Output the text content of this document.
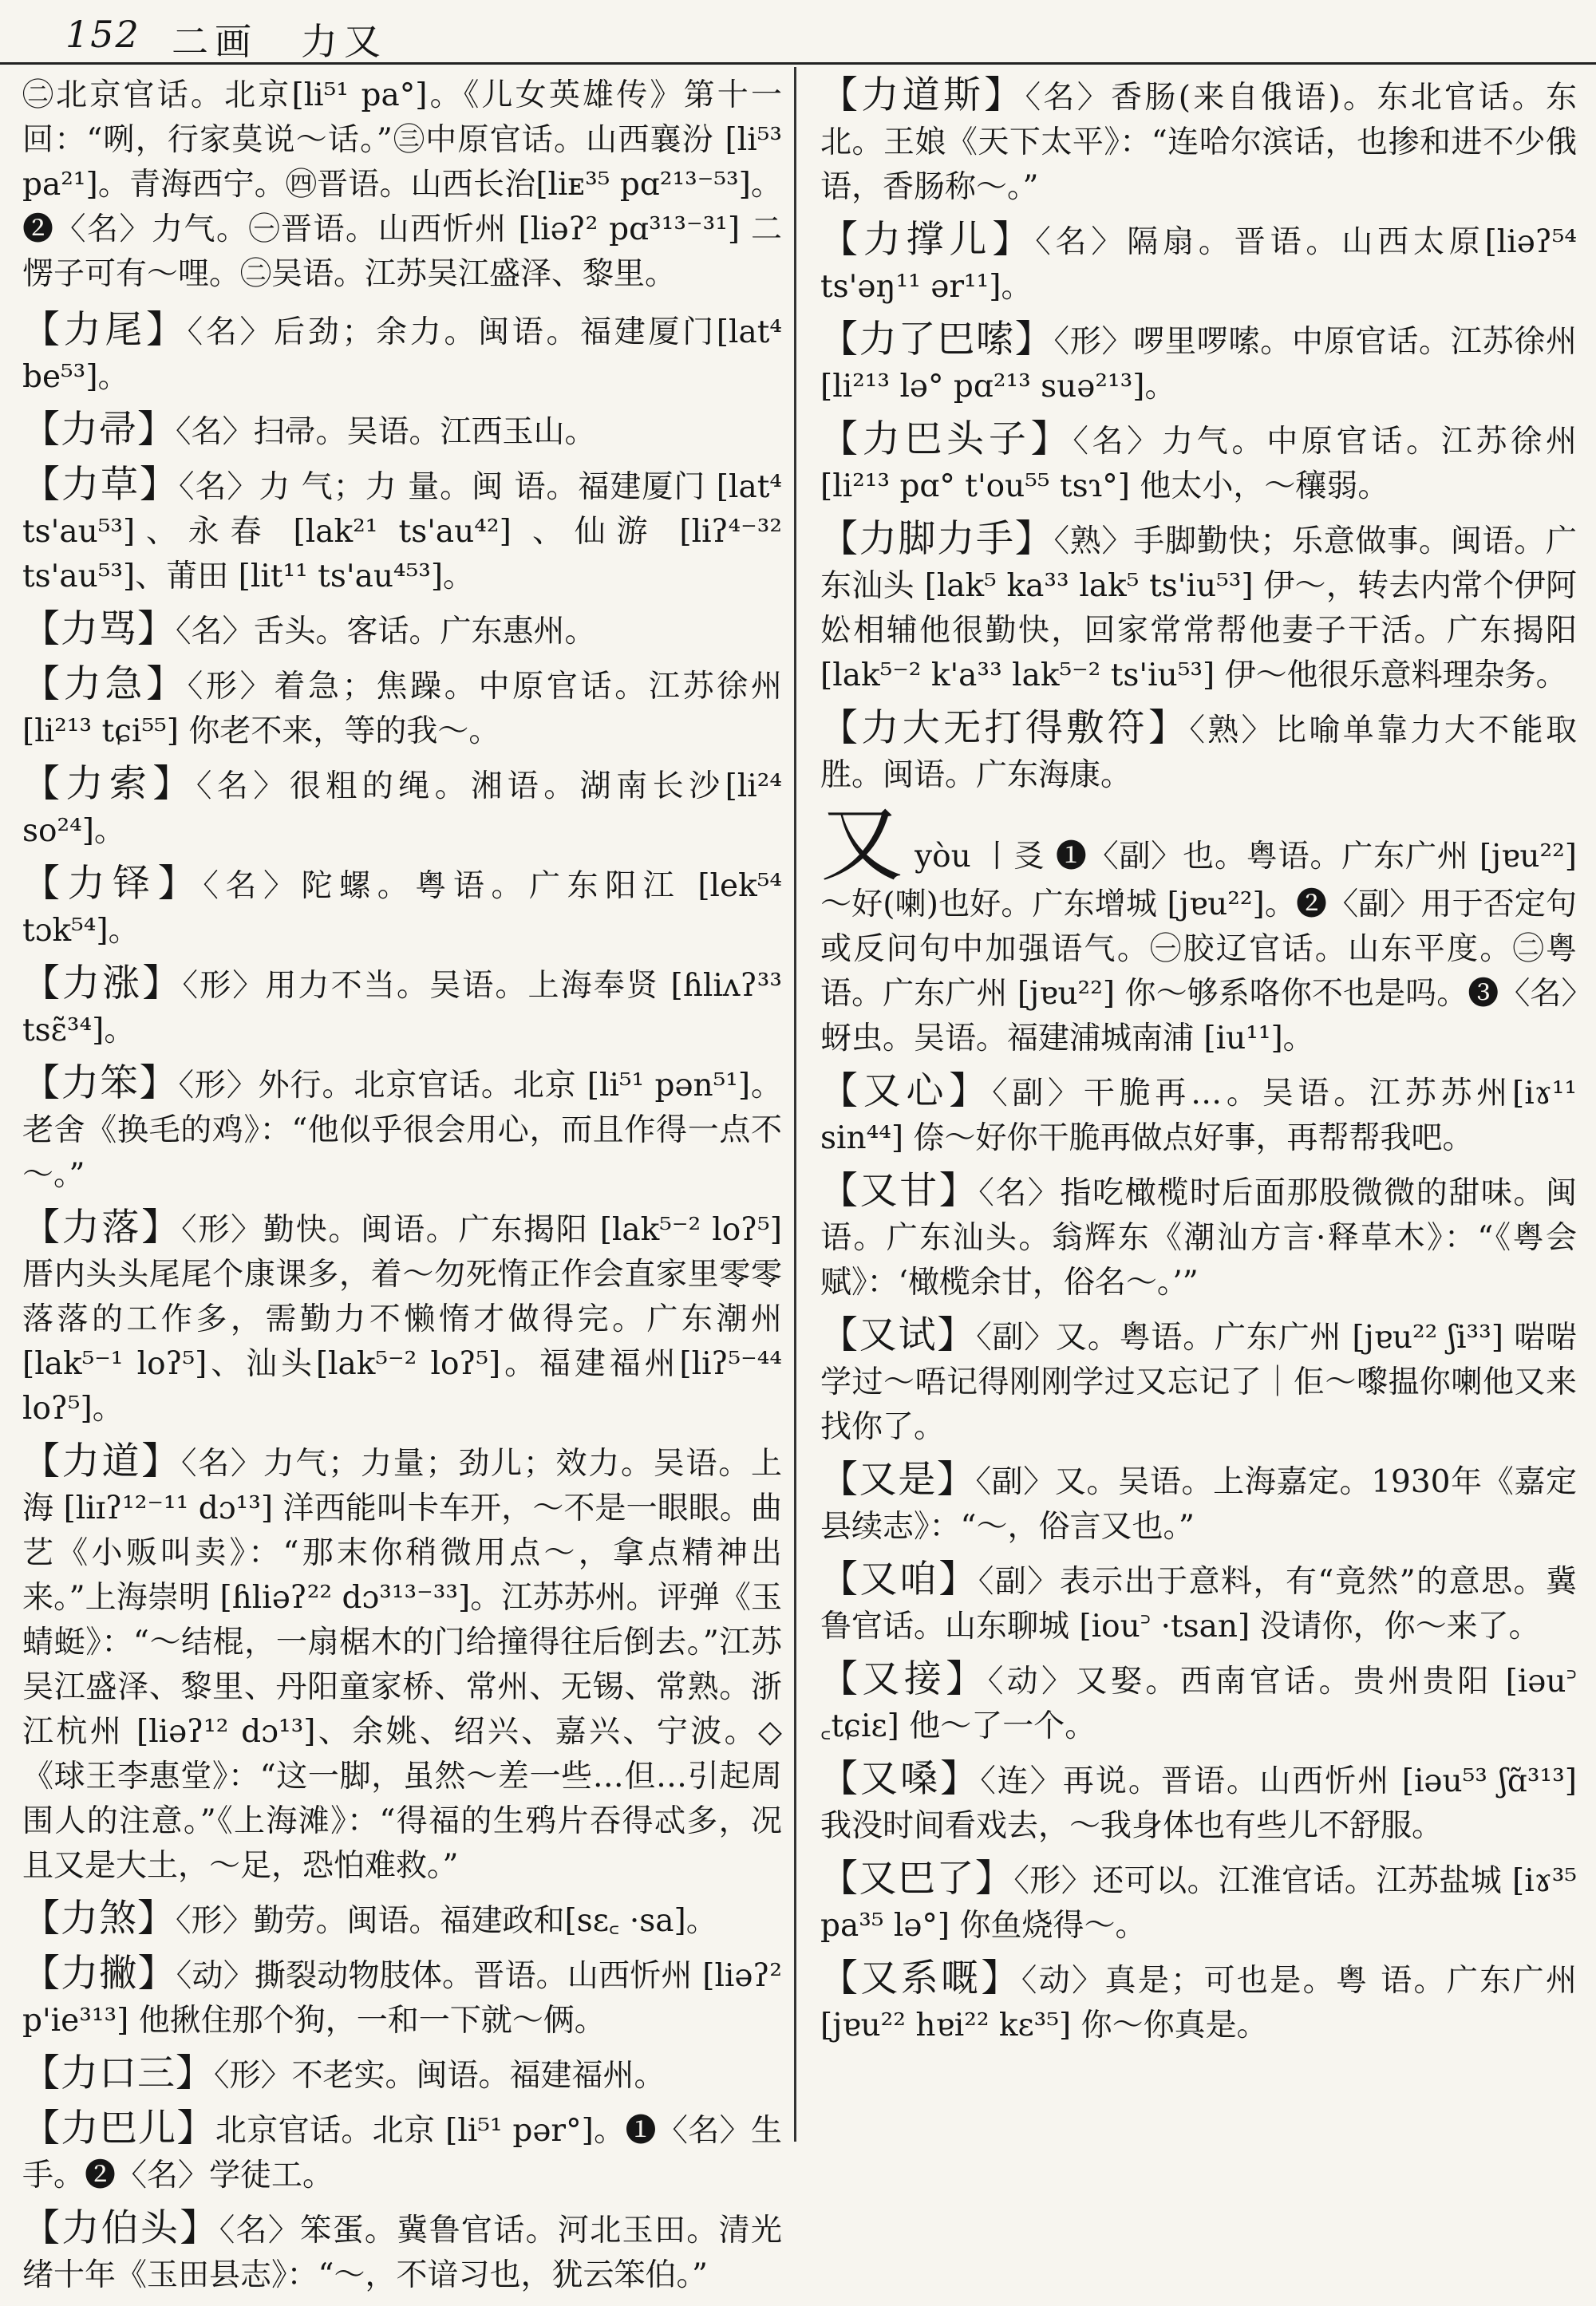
152 二画　力又

㊁北京官话。北京[li⁵¹ pa°]。《儿女英雄传》第十一回：“咧，行家莫说～话。”㊂中原官话。山西襄汾 [li⁵³ pa²¹]。青海西宁。㊃晋语。山西长治[liᴇ³⁵ pɑ²¹³⁻⁵³]。❷〈名〉力气。㊀晋语。山西忻州 [liəʔ² pɑ³¹³⁻³¹] 二愣子可有～哩。㊁吴语。江苏吴江盛泽、黎里。

【力尾】〈名〉后劲；余力。闽语。福建厦门[lat⁴ be⁵³]。

【力帚】〈名〉扫帚。吴语。江西玉山。

【力草】〈名〉力 气；力 量。闽 语。福建厦门 [lat⁴ ts'au⁵³]、永春 [lak²¹ ts'au⁴²] 、仙游 [liʔ⁴⁻³² ts'au⁵³]、莆田 [lit¹¹ ts'au⁴⁵³]。

【力骂】〈名〉舌头。客话。广东惠州。

【力急】〈形〉着急；焦躁。中原官话。江苏徐州 [li²¹³ tɕi⁵⁵] 你老不来，等的我～。

【力索】〈名〉很粗的绳。湘语。湖南长沙[li²⁴ so²⁴]。

【力铎】〈名〉陀螺。粤语。广东阳江 [lek⁵⁴ tɔk⁵⁴]。

【力涨】〈形〉用力不当。吴语。上海奉贤 [ɦliʌʔ³³ tsɛ̃³⁴]。

【力笨】〈形〉外行。北京官话。北京 [li⁵¹ pən⁵¹]。老舍《换毛的鸡》：“他似乎很会用心，而且作得一点不～。”

【力落】〈形〉勤快。闽语。广东揭阳 [lak⁵⁻² loʔ⁵]厝内头头尾尾个康课多，着～勿死惰正作会直家里零零落落的工作多，需勤力不懒惰才做得完。广东潮州 [lak⁵⁻¹ loʔ⁵]、汕头[lak⁵⁻² loʔ⁵]。福建福州[liʔ⁵⁻⁴⁴ loʔ⁵]。

【力道】〈名〉力气；力量；劲儿；效力。吴语。上海 [liɪʔ¹²⁻¹¹ dɔ¹³] 洋西能叫卡车开，～不是一眼眼。曲艺《小贩叫卖》：“那末你稍微用点～，拿点精神出来。”上海崇明 [ɦliəʔ²² dɔ³¹³⁻³³]。江苏苏州。评弹《玉蜻蜓》：“～结棍，一扇椐木的门给撞得往后倒去。”江苏吴江盛泽、黎里、丹阳童家桥、常州、无锡、常熟。浙江杭州 [liəʔ¹² dɔ¹³]、余姚、绍兴、嘉兴、宁波。◇《球王李惠堂》：“这一脚，虽然～差一些…但…引起周围人的注意。”《上海滩》：“得福的生鸦片吞得忒多，况且又是大土，～足，恐怕难救。”

【力煞】〈形〉勤劳。闽语。福建政和[sɛ꜀ ·sa]。

【力撇】〈动〉撕裂动物肢体。晋语。山西忻州 [liəʔ² p'ie³¹³] 他揪住那个狗，一和一下就～俩。

【力口三】〈形〉不老实。闽语。福建福州。

【力巴儿】北京官话。北京 [li⁵¹ pər°]。❶〈名〉生手。❷〈名〉学徒工。

【力伯头】〈名〉笨蛋。冀鲁官话。河北玉田。清光绪十年《玉田县志》：“～，不谙习也，犹云笨伯。”

【力道斯】〈名〉香肠(来自俄语)。东北官话。东北。王娘《天下太平》：“连哈尔滨话，也掺和进不少俄语，香肠称～。”

【力撑儿】〈名〉隔扇。晋语。山西太原[liəʔ⁵⁴ ts'əŋ¹¹ ər¹¹]。

【力了巴嗦】〈形〉啰里啰嗦。中原官话。江苏徐州 [li²¹³ lə° pɑ²¹³ suə²¹³]。

【力巴头子】〈名〉力气。中原官话。江苏徐州 [li²¹³ pɑ° t'ou⁵⁵ tsɿ°] 他太小，～穰弱。

【力脚力手】〈熟〉手脚勤快；乐意做事。闽语。广东汕头 [lak⁵ ka³³ lak⁵ ts'iu⁵³] 伊～，转去内常个伊阿妐相辅他很勤快，回家常常帮他妻子干活。广东揭阳 [lak⁵⁻² k'a³³ lak⁵⁻² ts'iu⁵³] 伊～他很乐意料理杂务。

【力大无打得敷符】〈熟〉比喻单靠力大不能取胜。闽语。广东海康。

又 yòu 丨㕛 ❶〈副〉也。粤语。广东广州 [jɐu²²] ～好(喇)也好。广东增城 [jɐu²²]。❷〈副〉用于否定句或反问句中加强语气。㊀胶辽官话。山东平度。㊁粤语。广东广州 [jɐu²²] 你～够系咯你不也是吗。❸〈名〉蚜虫。吴语。福建浦城南浦 [iu¹¹]。

【又心】〈副〉干脆再…。吴语。江苏苏州[iɤ¹¹ sin⁴⁴] 倷～好你干脆再做点好事，再帮帮我吧。

【又甘】〈名〉指吃橄榄时后面那股微微的甜味。闽语。广东汕头。翁辉东《潮汕方言·释草木》：“《粤会赋》：‘橄榄余甘，俗名～。’”

【又试】〈副〉又。粤语。广东广州 [jɐu²² ʃi³³] 啱啱学过～唔记得刚刚学过又忘记了｜佢～嚟揾你喇他又来找你了。

【又是】〈副〉又。吴语。上海嘉定。1930年《嘉定县续志》：“～，俗言又也。”

【又咱】〈副〉表示出于意料，有“竟然”的意思。冀鲁官话。山东聊城 [iou꜄ ·tsan] 没请你，你～来了。

【又接】〈动〉又娶。西南官话。贵州贵阳 [iəu꜄ ꜀tɕiɛ] 他～了一个。

【又嗓】〈连〉再说。晋语。山西忻州 [iəu⁵³ ʃɑ̃³¹³]我没时间看戏去，～我身体也有些儿不舒服。

【又巴了】〈形〉还可以。江淮官话。江苏盐城 [iɤ³⁵ pa³⁵ lə°] 你鱼烧得～。

【又系嘅】〈动〉真是；可也是。粤 语。广东广州[jɐu²² hɐi²² kɛ³⁵] 你～你真是。
